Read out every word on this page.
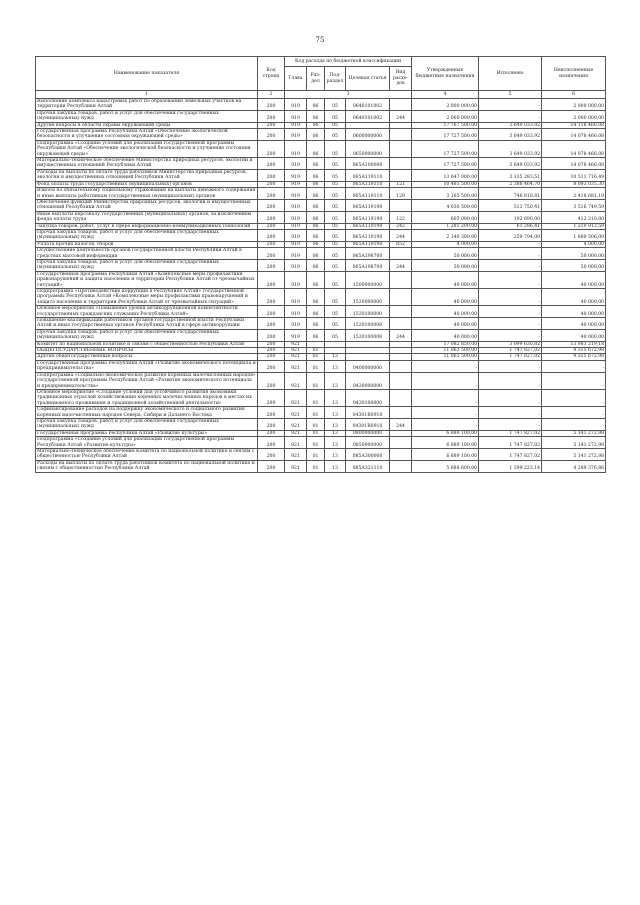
75
Наименование показателя	Код строки	Код расхода по бюджетной классификации					Утвержденные бюджетные назначения	Исполнено	Неисполненные назначения
		Глава	Раз-дел	Под-раздел	Целевая статья	Вид расхо-дов			
1	2	3					4	5	6
Выполнение комплекса кадастровых работ по образованию земельных участков на территории Республики Алтай	200	919	06	05	0640101002		2 000 000,00	-	2 000 000,00
Прочая закупка товаров, работ и услуг для обеспечения государственных (муниципальных) нужд	200	919	06	05	0640101002	244	2 000 000,00	-	2 000 000,00
Другие вопросы в области охраны окружающей среды	200	919	06	05			17 767 500,00	3 649 033,92	14 118 466,08
Государственная программа Республики Алтай «Обеспечение экологической безопасности и улучшение состояния окружающей среды»	200	919	06	05	0600000000		17 727 500,00	3 649 033,92	14 078 466,08
Подпрограмма «Создание условий для реализации государственной программы Республики Алтай «Обеспечение экологической безопасности и улучшение состояния окружающей среды»	200	919	06	05	0650000000		17 727 500,00	3 649 033,92	14 078 466,08
Материально-техническое обеспечение Министерства природных ресурсов, экологии и имущественных отношений Республики Алтай	200	919	06	05	065А100000		17 727 500,00	3 649 033,92	14 078 466,08
Расходы на выплаты по оплате труда работников Министерства природных ресурсов, экологии и имущественных отношений Республики Алтай	200	919	06	05	065А119110		13 647 000,00	3 135 283,51	10 511 716,49
Фонд оплаты труда государственных (муниципальных) органов	200	919	06	05	065А119110	121	10 481 500,00	2 388 464,70	8 093 035,30
Взносы по обязательному социальному страхованию на выплаты денежного содержания и иные выплаты работникам государственных (муниципальных) органов	200	919	06	05	065А119110	129	3 165 500,00	746 818,81	2 418 681,19
Обеспечение функций Министерства природных ресурсов, экологии и имущественных отношений Республики Алтай	200	919	06	05	065А119190		4 030 500,00	513 750,41	3 516 749,59
Иные выплаты персоналу государственных (муниципальных) органов, за исключением фонда оплаты труда	200	919	06	05	065А119190	122	605 000,00	192 690,00	412 310,00
Закупка товаров, работ, услуг в сфере информационно-коммуникационных технологий	200	919	06	05	065А119190	242	1 281 200,00	61 286,41	1 219 913,59
Прочая закупка товаров, работ и услуг для обеспечения государственных (муниципальных) нужд	200	919	06	05	065А119190	244	2 140 300,00	259 794,00	1 880 506,00
Уплата прочих налогов, сборов	200	919	06	05	065А119190	852	4 000,00	-	4 000,00
Осуществление деятельности органов государственной власти Республики Алтай в средствах массовой информации	200	919	06	05	065А198700		50 000,00	-	50 000,00
Прочая закупка товаров, работ и услуг для обеспечения государственных (муниципальных) нужд	200	919	06	05	065А198700	244	50 000,00	-	50 000,00
Государственная программа Республики Алтай «Комплексные меры профилактики правонарушений и защита населения и территории Республики Алтай от чрезвычайных ситуаций»	200	919	06	05	1500000000		40 000,00	-	40 000,00
Подпрограмма «Противодействие коррупции в Республике Алтай» государственной программы Республики Алтай «Комплексные меры профилактики правонарушений и защита населения и территории Республики Алтай от чрезвычайных ситуаций»	200	919	06	05	1520000000		40 000,00	-	40 000,00
Основное мероприятие «Повышение уровня антикоррупционной компетентности государственных гражданских служащих Республики Алтай»	200	919	06	05	1520100000		40 000,00	-	40 000,00
Повышение квалификации работников органов государственной власти Республики Алтай и иных государственных органов Республики Алтай в сфере антикоррупции	200	919	06	05	1520100008		40 000,00	-	40 000,00
Прочая закупка товаров, работ и услуг для обеспечения государственных (муниципальных) нужд	200	919	06	05	1520100008	244	40 000,00	-	40 000,00
Комитет по национальной политике и связям с общественностью Республики Алтай	200	921					17 082 850,00	3 099 630,82	13 983 219,18
ОБЩЕГОСУДАРСТВЕННЫЕ ВОПРОСЫ	200	921	01				11 063 500,00	1 747 827,02	9 315 672,98
Другие общегосударственные вопросы	200	921	01	13			11 063 500,00	1 747 827,02	9 315 672,98
Государственная программа Республики Алтай «Развитие экономического потенциала и предпринимательства»	200	921	01	13	0400000000		-	-	-
Подпрограмма «Социально-экономическое развитие коренных малочисленных народов» государственной программы Республики Алтай «Развитие экономического потенциала и предпринимательства»	200	921	01	13	0430000000		-	-	-
Основное мероприятие «Создание условий для устойчивого развития экономики традиционных отраслей хозяйствования коренных малочисленных народов в местах их традиционного проживания и традиционной хозяйственной деятельности»	200	921	01	13	0430100000		-	-	-
Софинансирование расходов на поддержку экономического и социального развития коренных малочисленных народов Севера, Сибири и Дальнего Востока	200	921	01	13	04301R0910		-	-	-
Прочая закупка товаров, работ и услуг для обеспечения государственных (муниципальных) нужд	200	921	01	13	04301R0910	244	-	-	-
Государственная программа Республики Алтай «Развитие культуры»	200	921	01	13	0800000000		6 889 100,00	1 747 827,02	5 141 272,98
Подпрограмма «Создание условий для реализации государственной программы Республики Алтай «Развитие культуры»	200	921	01	13	0850000000		6 889 100,00	1 747 827,02	5 141 272,98
Материально-техническое обеспечение Комитета по национальной политике и связям с общественностью Республики Алтай	200	921	01	13	085А300000		6 889 100,00	1 747 827,02	5 141 272,98
Расходы на выплаты по оплате труда работников Комитета по национальной политике и связям с общественностью Республики Алтай	200	921	01	13	085А321110		5 688 600,00	1 399 223,14	4 289 376,86
